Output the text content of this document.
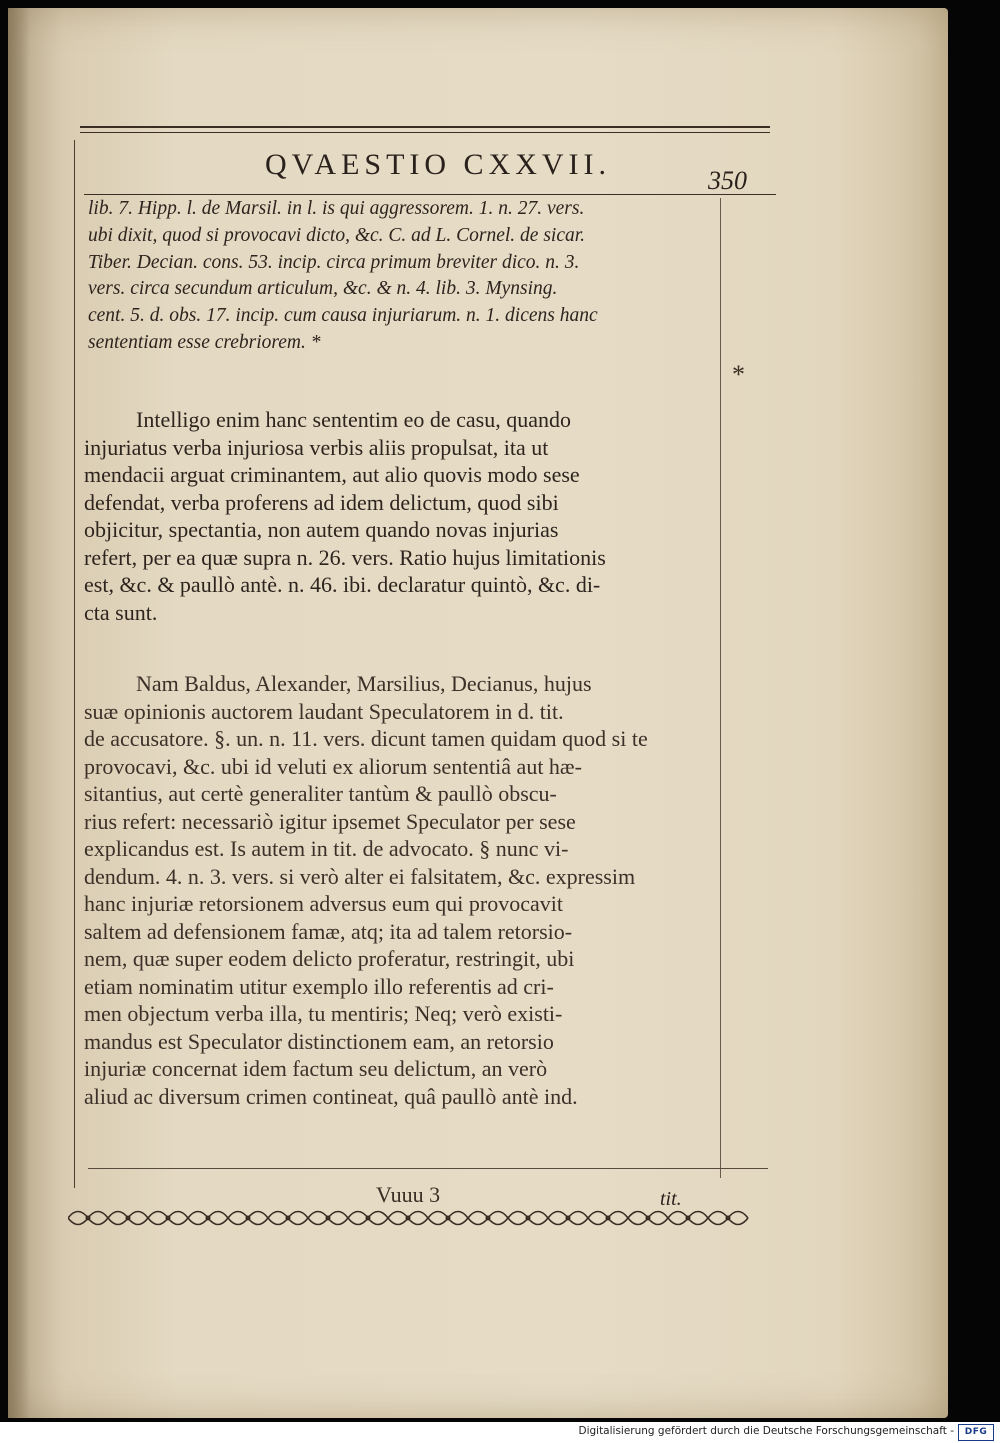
QVAESTIO CXXVII.	350
lib. 7. Hipp. l. de Marsil. in l. is qui aggressorem. 1. n. 27. vers.
ubi dixit, quod si provocavi dicto, &c. C. ad L. Cornel. de sicar.
Tiber. Decian. cons. 53. incip. circa primum breviter dico. n. 3.
vers. circa secundum articulum, &c. & n. 4. lib. 3. Mynsing.
cent. 5. d. obs. 17. incip. cum causa injuriarum. n. 1. dicens hanc
sententiam esse crebriorem. *
*
Intelligo enim hanc sententim eo de casu, quando
injuriatus verba injuriosa verbis aliis propulsat, ita ut
mendacii arguat criminantem, aut alio quovis modo sese
defendat, verba proferens ad idem delictum, quod sibi
objicitur, spectantia, non autem quando novas injurias
refert, per ea quæ supra n. 26. vers. Ratio hujus limitationis
est, &c. & paullò antè. n. 46. ibi. declaratur quintò, &c. di-
cta sunt.
Nam Baldus, Alexander, Marsilius, Decianus, hujus
suæ opinionis auctorem laudant Speculatorem in d. tit.
de accusatore. §. un. n. 11. vers. dicunt tamen quidam quod si te
provocavi, &c. ubi id veluti ex aliorum sententiâ aut hæ-
sitantius, aut certè generaliter tantùm & paullò obscu-
rius refert: necessariò igitur ipsemet Speculator per sese
explicandus est. Is autem in tit. de advocato. § nunc vi-
dendum. 4. n. 3. vers. si verò alter ei falsitatem, &c. expressim
hanc injuriæ retorsionem adversus eum qui provocavit
saltem ad defensionem famæ, atq; ita ad talem retorsio-
nem, quæ super eodem delicto proferatur, restringit, ubi
etiam nominatim utitur exemplo illo referentis ad cri-
men objectum verba illa, tu mentiris; Neq; verò existi-
mandus est Speculator distinctionem eam, an retorsio
injuriæ concernat idem factum seu delictum, an verò
aliud ac diversum crimen contineat, quâ paullò antè ind.
Vuuu 3	tit.
Digitalisierung gefördert durch die Deutsche Forschungsgemeinschaft -	DFG
